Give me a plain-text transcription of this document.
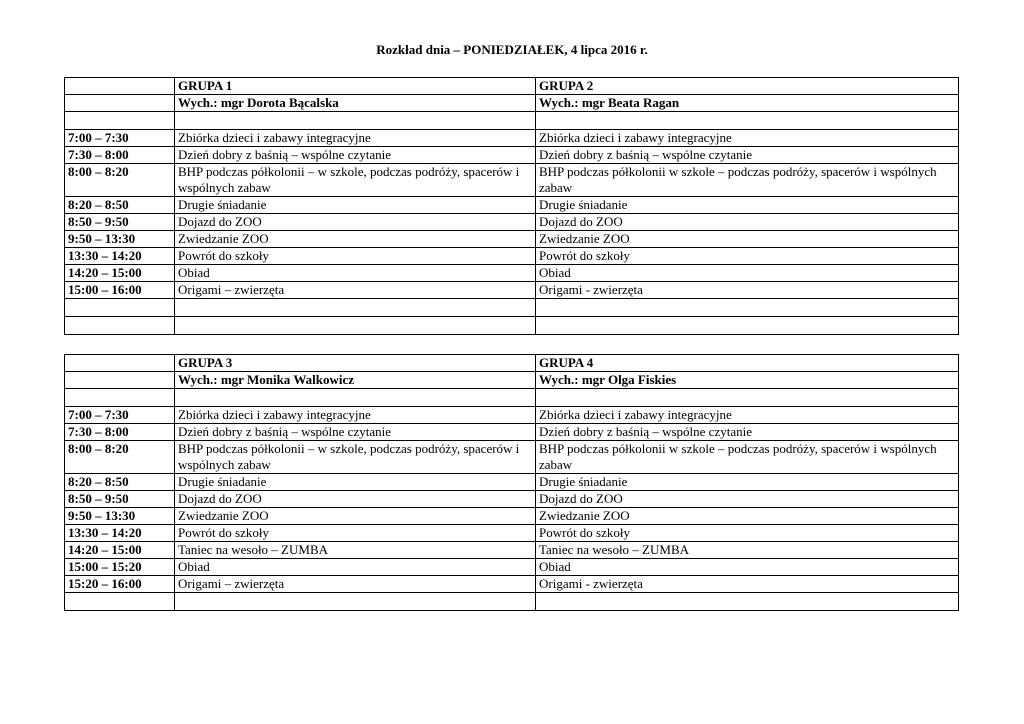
Rozkład dnia – PONIEDZIAŁEK, 4 lipca 2016 r.
	GRUPA 1	GRUPA 2
	Wych.: mgr Dorota Bącalska	Wych.: mgr Beata Ragan

7:00 – 7:30	Zbiórka dzieci i zabawy integracyjne	Zbiórka dzieci i zabawy integracyjne
7:30 – 8:00	Dzień dobry z baśnią – wspólne czytanie	Dzień dobry z baśnią – wspólne czytanie
8:00 – 8:20	BHP podczas półkolonii – w szkole, podczas podróży, spacerów i wspólnych zabaw	BHP podczas półkolonii w szkole – podczas podróży, spacerów i wspólnych zabaw
8:20 – 8:50	Drugie śniadanie	Drugie śniadanie
8:50 – 9:50	Dojazd do ZOO	Dojazd do ZOO
9:50 – 13:30	Zwiedzanie ZOO	Zwiedzanie ZOO
13:30 – 14:20	Powrót do szkoły	Powrót do szkoły
14:20 – 15:00	Obiad	Obiad
15:00 – 16:00	Origami – zwierzęta	Origami - zwierzęta

	GRUPA 3	GRUPA 4
	Wych.: mgr Monika Walkowicz	Wych.: mgr Olga Fiskies

7:00 – 7:30	Zbiórka dzieci i zabawy integracyjne	Zbiórka dzieci i zabawy integracyjne
7:30 – 8:00	Dzień dobry z baśnią – wspólne czytanie	Dzień dobry z baśnią – wspólne czytanie
8:00 – 8:20	BHP podczas półkolonii – w szkole, podczas podróży, spacerów i wspólnych zabaw	BHP podczas półkolonii w szkole – podczas podróży, spacerów i wspólnych zabaw
8:20 – 8:50	Drugie śniadanie	Drugie śniadanie
8:50 – 9:50	Dojazd do ZOO	Dojazd do ZOO
9:50 – 13:30	Zwiedzanie ZOO	Zwiedzanie ZOO
13:30 – 14:20	Powrót do szkoły	Powrót do szkoły
14:20 – 15:00	Taniec na wesoło – ZUMBA	Taniec na wesoło – ZUMBA
15:00 – 15:20	Obiad	Obiad
15:20 – 16:00	Origami – zwierzęta	Origami - zwierzęta
